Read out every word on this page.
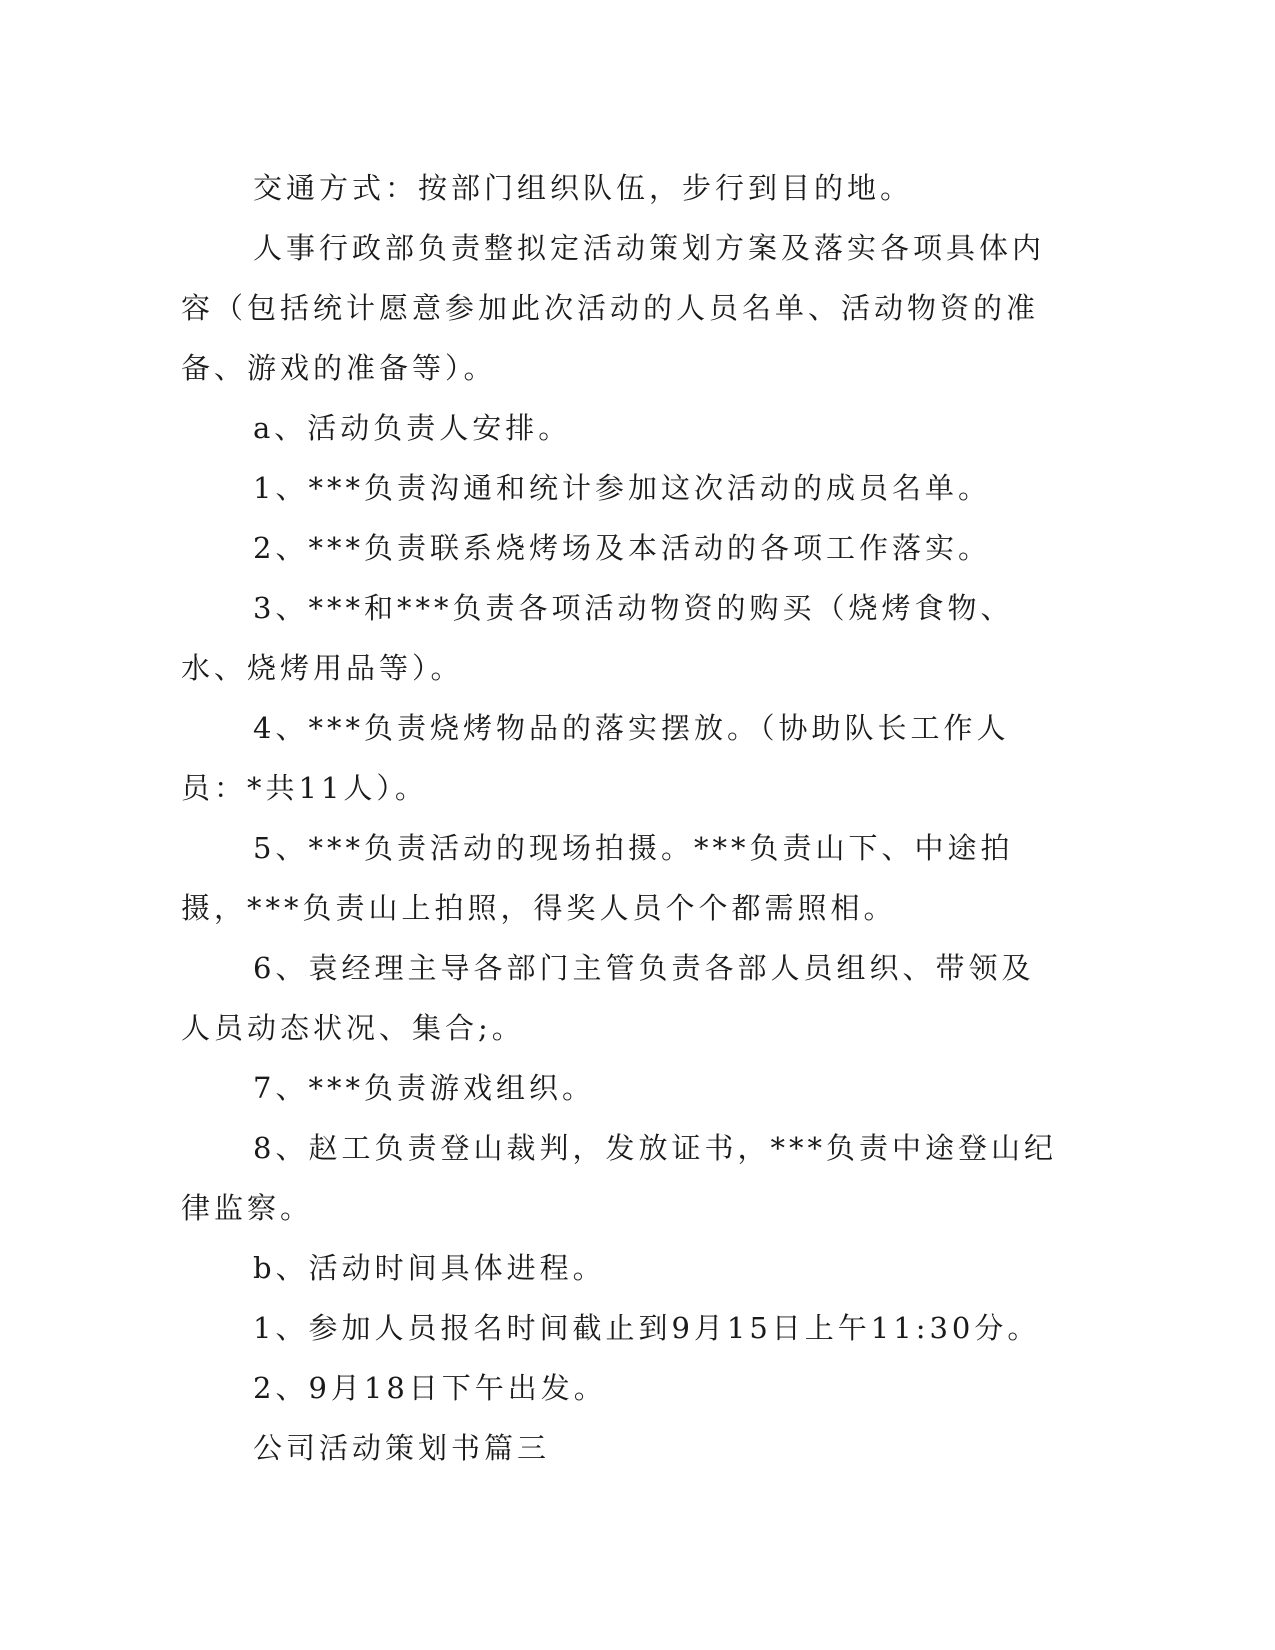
交通方式：按部门组织队伍，步行到目的地。

人事行政部负责整拟定活动策划方案及落实各项具体内容（包括统计愿意参加此次活动的人员名单、活动物资的准备、游戏的准备等）。

a、活动负责人安排。

1、***负责沟通和统计参加这次活动的成员名单。

2、***负责联系烧烤场及本活动的各项工作落实。

3、***和***负责各项活动物资的购买（烧烤食物、水、烧烤用品等）。

4、***负责烧烤物品的落实摆放。（协助队长工作人员：*共11人）。

5、***负责活动的现场拍摄。***负责山下、中途拍摄，***负责山上拍照，得奖人员个个都需照相。

6、袁经理主导各部门主管负责各部人员组织、带领及人员动态状况、集合;。

7、***负责游戏组织。

8、赵工负责登山裁判，发放证书，***负责中途登山纪律监察。

b、活动时间具体进程。

1、参加人员报名时间截止到9月15日上午11:30分。

2、9月18日下午出发。

公司活动策划书篇三
